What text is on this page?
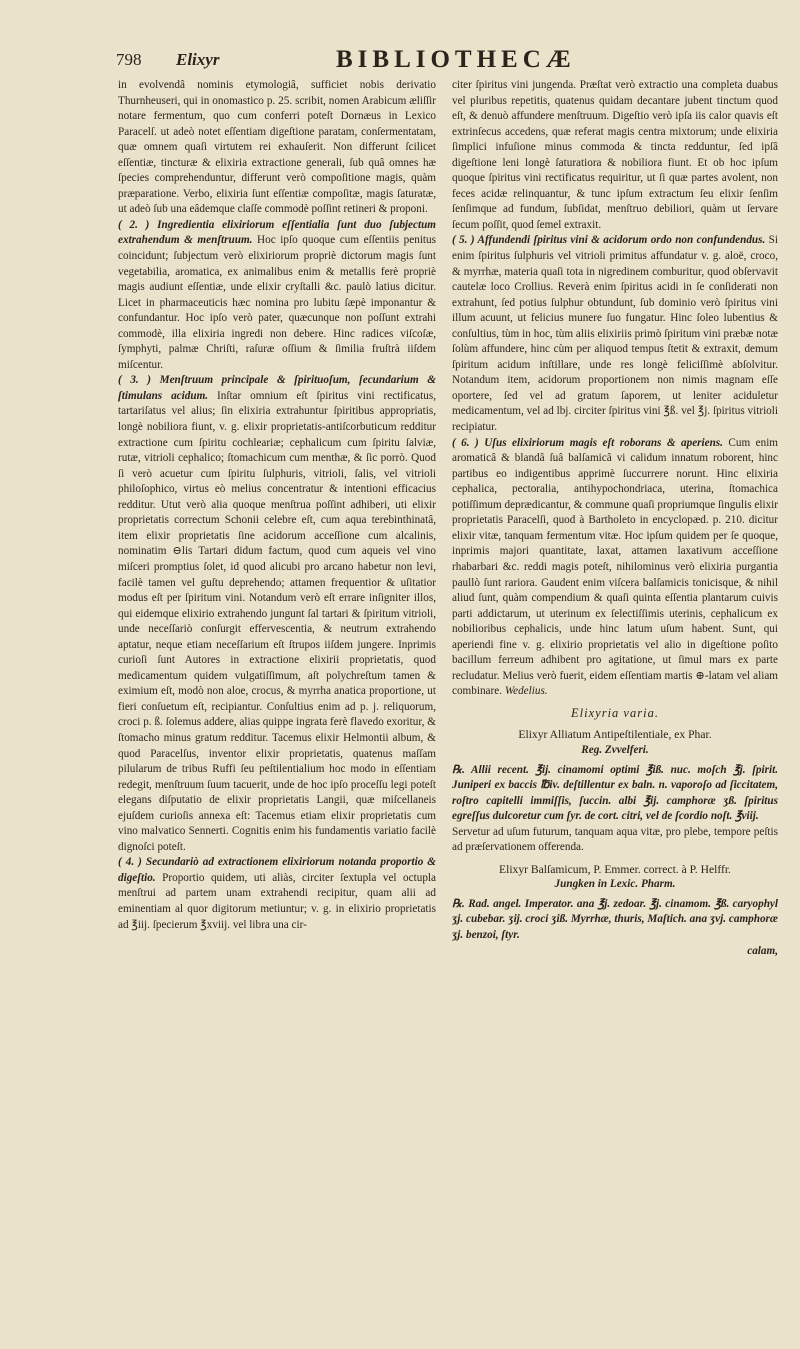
798 Elixyr	BIBLIOTHECÆ

in evolvendâ nominis etymologiâ, sufficiet nobis derivatio Thurnheuseri, qui in onomastico p. 25. scribit, nomen Arabicum æliſſir notare fermentum, quo cum conferri poteſt Dornæus in Lexico Paracelſ. ut adeò notet eſſentiam digeſtione paratam, conſermentatam, quæ omnem quaſi virtutem rei exhauſerit. Non differunt ſcilicet eſſentiæ, tincturæ & elixiria extractione generali, ſub quâ omnes hæ ſpecies comprehenduntur, differunt verò compoſitione magis, quàm præparatione. Verbo, elixiria ſunt eſſentiæ compoſitæ, magis ſaturatæ, ut adeò ſub una eâdemque claſſe commodè poſſint retineri & proponi.

( 2. ) Ingredientia elixiriorum eſſentialia ſunt duo ſubjectum extrahendum & menſtruum. Hoc ipſo quoque cum eſſentiis penitus coincidunt; ſubjectum verò elixiriorum propriè dictorum magis ſunt vegetabilia, aromatica, ex animalibus enim & metallis ferè propriè magis audiunt eſſentiæ, unde elixir cryſtalli &c. paulò latius dicitur. Licet in pharmaceuticis hæc nomina pro lubitu ſæpè imponantur & confundantur. Hoc ipſo verò pater, quæcunque non poſſunt extrahi commodè, illa elixiria ingredi non debere. Hinc radices viſcoſæ, ſymphyti, palmæ Chriſti, raſuræ oſſium & ſimilia fruſtrà iiſdem miſcentur.

( 3. ) Menſtruum principale & ſpirituoſum, ſecundarium & ſtimulans acidum. Inſtar omnium eſt ſpiritus vini rectificatus, tartariſatus vel alius; ſin elixiria extrahuntur ſpiritibus appropriatis, longè nobiliora fiunt, v. g. elixir proprietatis-antiſcorbuticum redditur extractione cum ſpiritu cochleariæ; cephalicum cum ſpiritu ſalviæ, rutæ, vitrioli cephalico; ſtomachicum cum menthæ, & ſic porrò. Quod ſi verò acuetur cum ſpiritu ſulphuris, vitrioli, ſalis, vel vitrioli philoſophico, virtus eò melius concentratur & intentioni efficacius redditur. Utut verò alia quoque menſtrua poſſint adhiberi, uti elixir proprietatis correctum Schonii celebre eſt, cum aqua terebinthinatâ, item elixir proprietatis ſine acidorum acceſſione cum alcalinis, nominatim ⊖lis Tartari didum factum, quod cum aqueis vel vino miſceri promptius ſolet, id quod alicubi pro arcano habetur non levi, facilè tamen vel guſtu deprehendo; attamen frequentior & uſitatior modus eſt per ſpiritum vini. Notandum verò eſt errare inſigniter illos, qui eidemque elixirio extrahendo jungunt ſal tartari & ſpiritum vitrioli, unde neceſſariò conſurgit effervescentia, & neutrum extrahendo aptatur, neque etiam neceſſarium eſt ſtrupos iiſdem jungere. Inprimis curioſi ſunt Autores in extractione elixirii proprietatis, quod medicamentum quidem vulgatiſſimum, aſt polychreſtum tamen & eximium eſt, modò non aloe, crocus, & myrrha anatica proportione, ut fieri conſuetum eſt, recipiantur. Conſultius enim ad p. j. reliquorum, croci p. ß. ſolemus addere, alias quippe ingrata ferè flavedo exoritur, & ſtomacho minus gratum redditur. Tacemus elixir Helmontii album, & quod Paracelſus, inventor elixir proprietatis, quatenus maſſam pilularum de tribus Ruffi ſeu peſtilentialium hoc modo in eſſentiam redegit, menſtruum ſuum tacuerit, unde de hoc ipſo proceſſu legi poteſt elegans diſputatio de elixir proprietatis Langii, quæ miſcellaneis ejuſdem curioſis annexa eſt: Tacemus etiam elixir proprietatis cum vino malvatico Sennerti. Cognitis enim his fundamentis variatio facilè dignoſci poteſt.

( 4. ) Secundariò ad extractionem elixiriorum notanda proportio & digeſtio. Proportio quidem, uti aliàs, circiter ſextupla vel octupla menſtrui ad partem unam extrahendi recipitur, quam alii ad eminentiam al quor digitorum metiuntur; v. g. in elixirio proprietatis ad ℥iij. ſpecierum ℥xviij. vel libra una cir-

citer ſpiritus vini jungenda. Præſtat verò extractio una completa duabus vel pluribus repetitis, quatenus quidam decantare jubent tinctum quod eſt, & denuò affundere menſtruum. Digeſtio verò ipſa iis calor quavis eſt extrinſecus accedens, quæ referat magis centra mixtorum; unde elixiria ſimplici infuſione minus commoda & tincta redduntur, ſed ipſâ digeſtione leni longè ſaturatiora & nobiliora fiunt. Et ob hoc ipſum quoque ſpiritus vini rectificatus requiritur, ut ſi quæ partes avolent, non feces acidæ relinquantur, & tunc ipſum extractum ſeu elixir ſenſim ſenſimque ad fundum, ſubſidat, menſtruo debiliori, quàm ut ſervare ſecum poſſit, quod ſemel extraxit.

( 5. ) Affundendi ſpiritus vini & acidorum ordo non confundendus. Si enim ſpiritus ſulphuris vel vitrioli primitus affundatur v. g. aloë, croco, & myrrhæ, materia quaſi tota in nigredinem comburitur, quod obſervavit cautelæ loco Crollius. Reverà enim ſpiritus acidi in ſe conſiderati non extrahunt, ſed potius ſulphur obtundunt, ſub dominio verò ſpiritus vini illum acuunt, ut felicius munere ſuo fungatur. Hinc ſoleo lubentius & conſultius, tùm in hoc, tùm aliis elixiriis primò ſpiritum vini præbæ notæ ſolùm affundere, hinc cùm per aliquod tempus ſtetit & extraxit, demum ſpiritum acidum inſtillare, unde res longè feliciſſimè abſolvitur. Notandum item, acidorum proportionem non nimis magnam eſſe oportere, ſed vel ad gratum ſaporem, ut leniter aciduletur medicamentum, vel ad lbj. circiter ſpiritus vini ℥ß. vel ℥j. ſpiritus vitrioli recipiatur.

( 6. ) Uſus elixiriorum magis eſt roborans & aperiens. Cum enim aromaticâ & blandâ ſuâ balſamicâ vi calidum innatum roborent, hinc partibus eo indigentibus apprimè ſuccurrere norunt. Hinc elixiria cephalica, pectoralia, antihypochondriaca, uterina, ſtomachica potiſſimum deprædicantur, & commune quaſi propriumque ſingulis elixir proprietatis Paracelſi, quod à Bartholeto in encyclopæd. p. 210. dicitur elixir vitæ, tanquam fermentum vitæ. Hoc ipſum quidem per ſe quoque, inprimis majori quantitate, laxat, attamen laxativum acceſſione rhabarbari &c. reddi magis poteſt, nihilominus verò elixiria purgantia paullò ſunt rariora. Gaudent enim viſcera balſamicis tonicisque, & nihil aliud ſunt, quàm compendium & quaſi quinta eſſentia plantarum cuivis parti addictarum, ut uterinum ex ſelectiſſimis uterinis, cephalicum ex nobilioribus cephalicis, unde hinc latum uſum habent. Sunt, qui aperiendi fine v. g. elixirio proprietatis vel alio in digeſtione poſito bacillum ferreum adhibent pro agitatione, ut ſimul mars ex parte recludatur. Melius verò fuerit, eidem eſſentiam martis ⊕-latam vel aliam combinare. Wedelius.

Elixyria varia.
Elixyr Alliatum Antipeſtilentiale, ex Phar.
Reg. Zvvelferi.

℞. Allii recent. ℥ij. cinamomi optimi ℥iß. nuc. moſch ℥j. ſpirit. Juniperi ex baccis ℔iv. deſtillentur ex baln. n. vaporoſo ad ſiccitatem, roſtro capitelli immiſſis, ſuccin. albi ℥ij. camphoræ ʒß. ſpiritus egreſſus dulcoretur cum ſyr. de cort. citri, vel de ſcordio noſt. ℥viij.

Servetur ad uſum futurum, tanquam aqua vitæ, pro plebe, tempore peſtis ad præſervationem offerenda.

Elixyr Balſamicum, P. Emmer. correct. à P. Helffr.
Jungken in Lexic. Pharm.

℞. Rad. angel. Imperator. ana ℥j. zedoar. ℥j. cinamom. ℥ß. caryophyl ʒj. cubebar. ʒij. croci ʒiß. Myrrhæ, thuris, Maſtich. ana ʒvj. camphoræ ʒj. benzoi, ſtyr.

calam,
